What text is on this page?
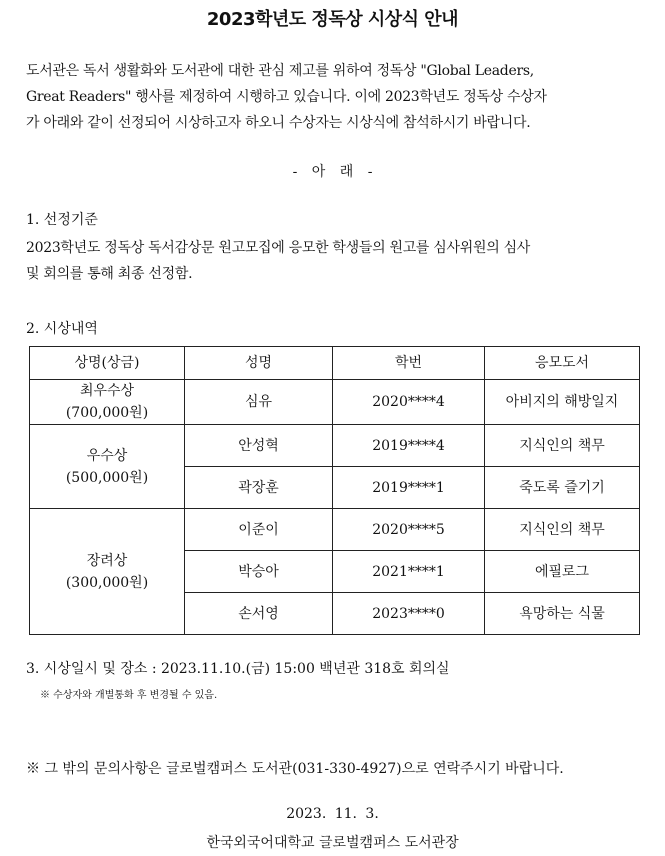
2023학년도 정독상 시상식 안내
도서관은 독서 생활화와 도서관에 대한 관심 제고를 위하여 정독상 "Global Leaders,
Great Readers" 행사를 제정하여 시행하고 있습니다. 이에 2023학년도 정독상 수상자
가 아래와 같이 선정되어 시상하고자 하오니 수상자는 시상식에 참석하시기 바랍니다.
- 아 래 -
1. 선정기준
2023학년도 정독상 독서감상문 원고모집에 응모한 학생들의 원고를 심사위원의 심사
및 회의를 통해 최종 선정함.
2. 시상내역
상명(상금)	성명	학번	응모도서

최우수상
(700,000원)	심유	2020****4	아비지의 해방일지

우수상
(500,000원)	안성혁	2019****4	지식인의 책무
	곽장훈	2019****1	죽도록 즐기기

장려상
(300,000원)	이준이	2020****5	지식인의 책무
	박승아	2021****1	에필로그
	손서영	2023****0	욕망하는 식물
3. 시상일시 및 장소 : 2023.11.10.(금) 15:00 백년관 318호 회의실
※ 수상자와 개별통화 후 변경될 수 있음.
※ 그 밖의 문의사항은 글로벌캠퍼스 도서관(031-330-4927)으로 연락주시기 바랍니다.
2023. 11. 3.
한국외국어대학교 글로벌캠퍼스 도서관장
